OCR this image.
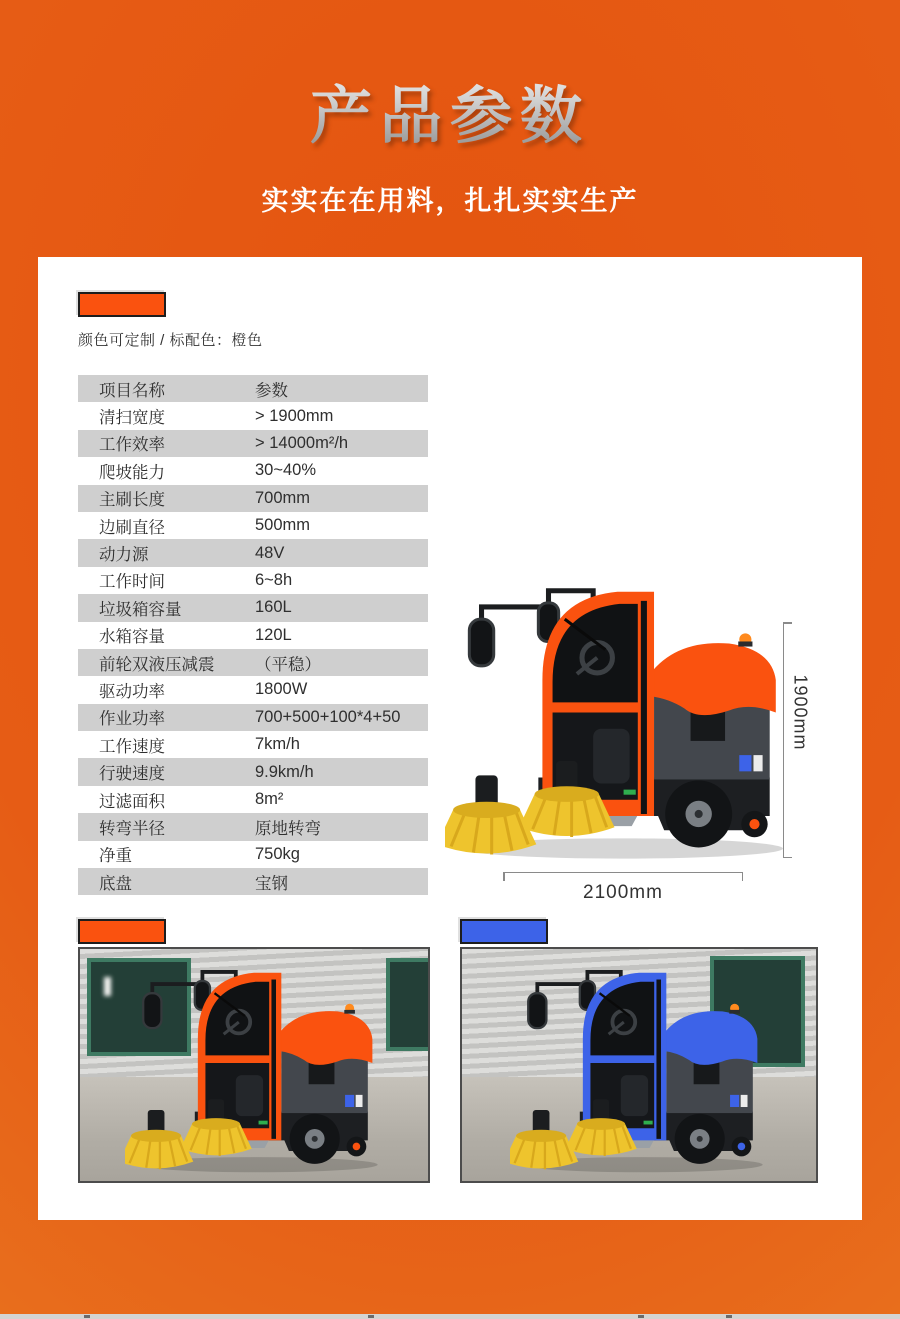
产品参数

实实在在用料，扎扎实实生产

颜色可定制 / 标配色：橙色

项目名称	参数
清扫宽度	> 1900mm
工作效率	> 14000m²/h
爬坡能力	30~40%
主刷长度	700mm
边刷直径	500mm
动力源	48V
工作时间	6~8h
垃圾箱容量	160L
水箱容量	120L
前轮双液压减震	（平稳）
驱动功率	1800W
作业功率	700+500+100*4+50
工作速度	7km/h
行驶速度	9.9km/h
过滤面积	8m²
转弯半径	原地转弯
净重	750kg
底盘	宝钢
1900mm
2100mm
